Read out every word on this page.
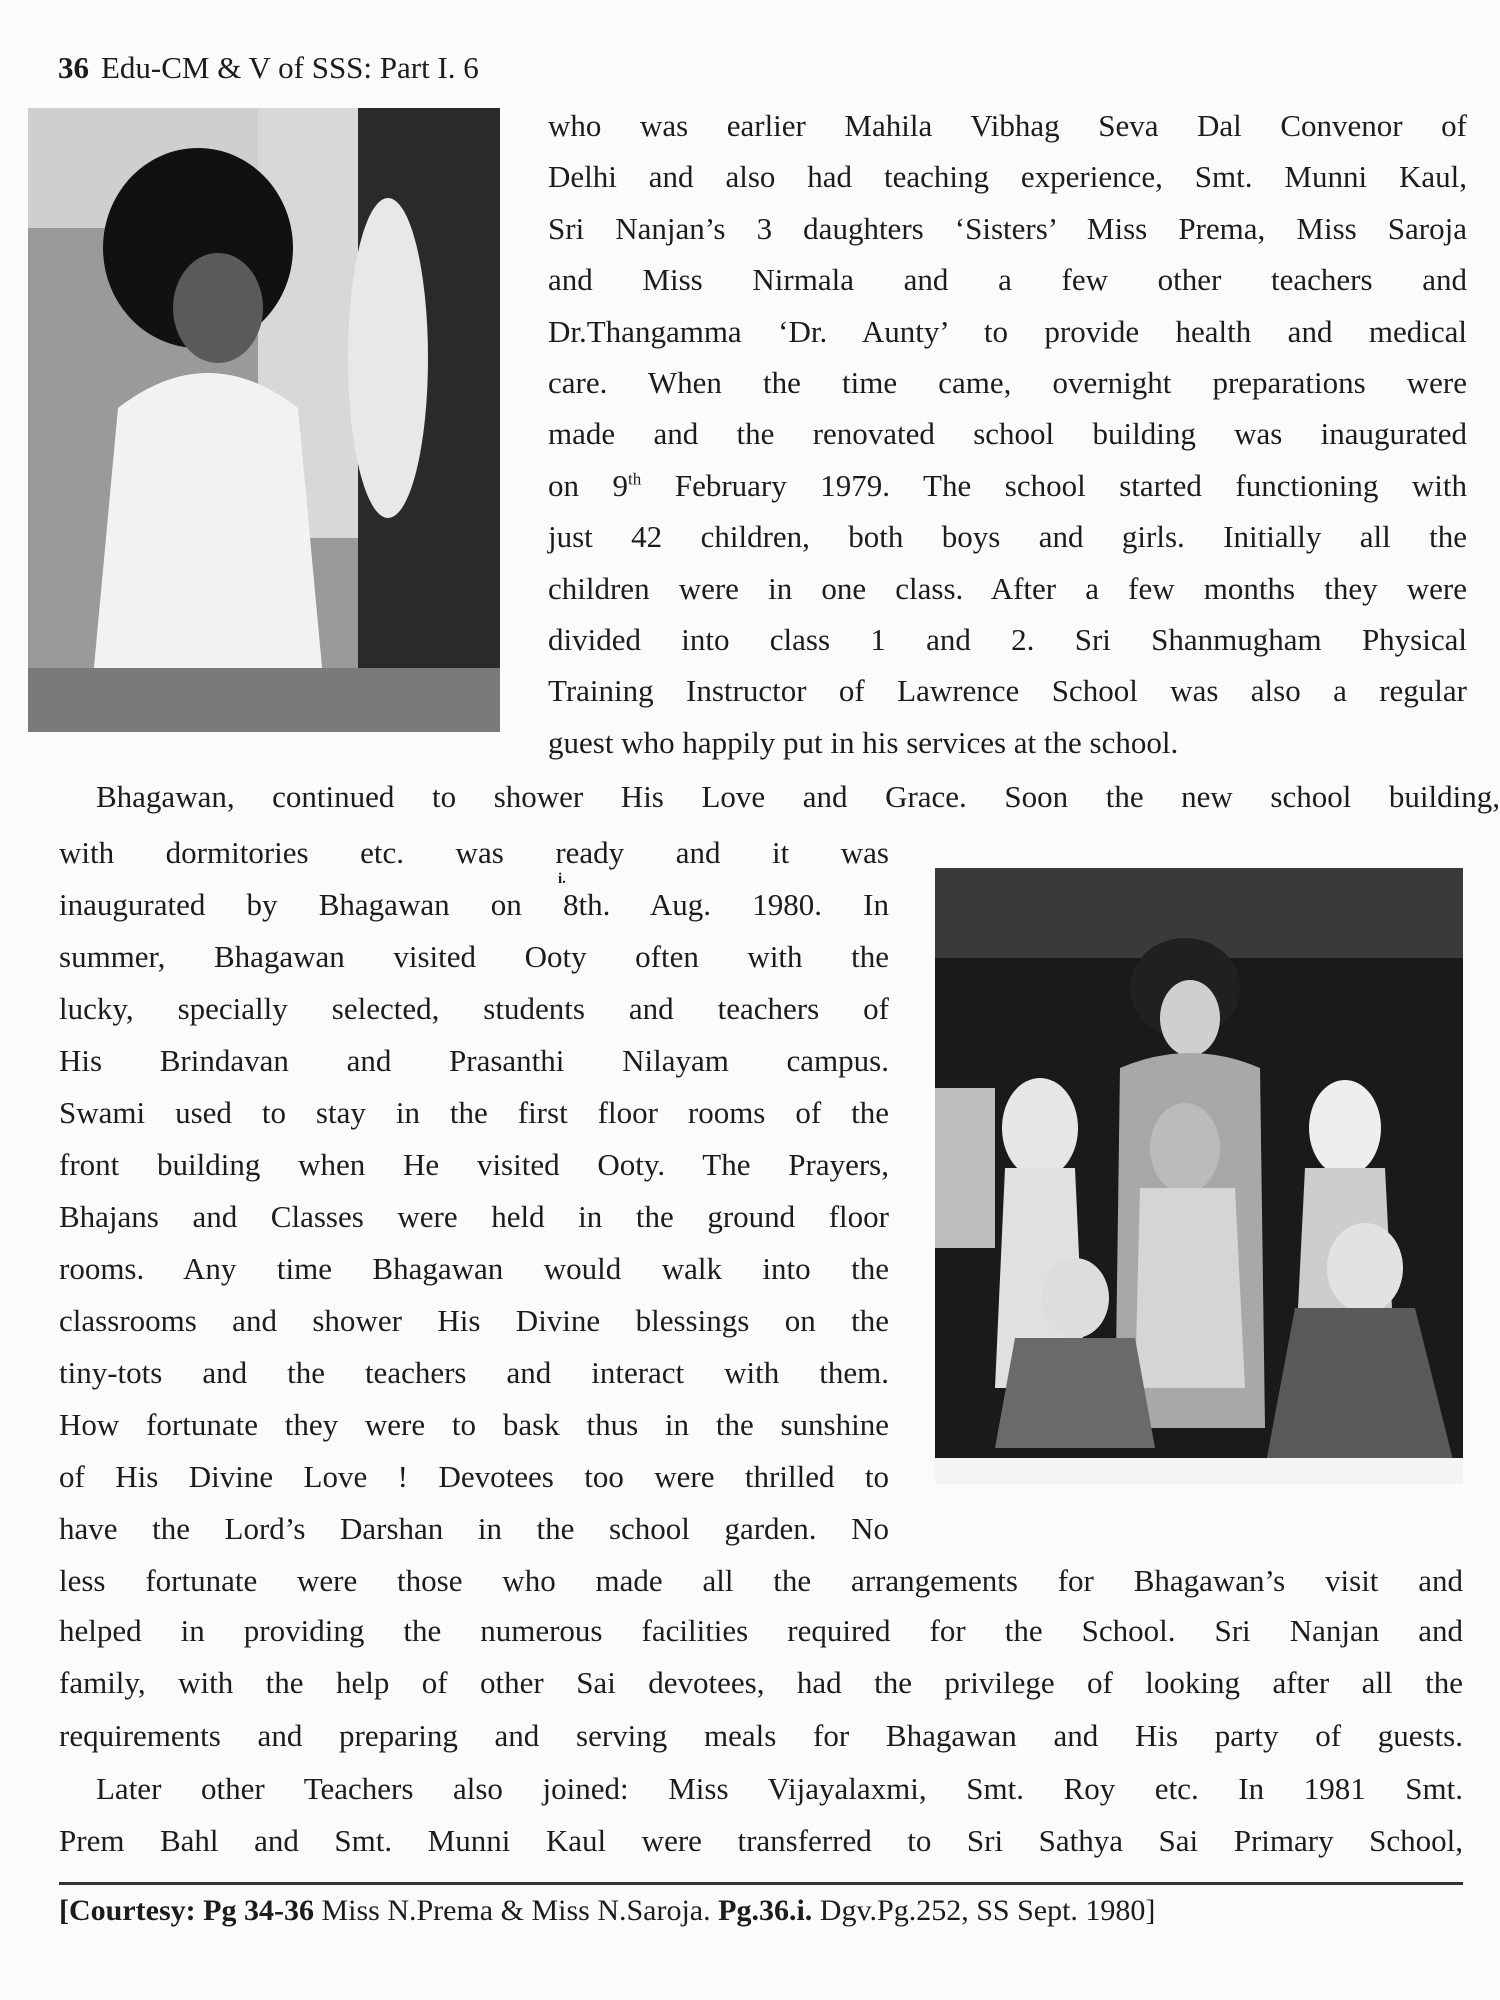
36 Edu-CM & V of SSS: Part I. 6
i.
who was earlier Mahila Vibhag Seva Dal Convenor of
Delhi and also had teaching experience, Smt. Munni Kaul,
Sri Nanjan’s 3 daughters ‘Sisters’ Miss Prema, Miss Saroja
and Miss Nirmala and a few other teachers and
Dr.Thangamma ‘Dr. Aunty’ to provide health and medical
care. When the time came, overnight preparations were
made and the renovated school building was inaugurated
on 9th February 1979. The school started functioning with
just 42 children, both boys and girls. Initially all the
children were in one class. After a few months they were
divided into class 1 and 2. Sri Shanmugham Physical
Training Instructor of Lawrence School was also a regular
guest who happily put in his services at the school.
Bhagawan, continued to shower His Love and Grace. Soon the new school building,
with dormitories etc. was ready and it was
inaugurated by Bhagawan on 8th. Aug. 1980. In
summer, Bhagawan visited Ooty often with the
lucky, specially selected, students and teachers of
His Brindavan and Prasanthi Nilayam campus.
Swami used to stay in the first floor rooms of the
front building when He visited Ooty. The Prayers,
Bhajans and Classes were held in the ground floor
rooms. Any time Bhagawan would walk into the
classrooms and shower His Divine blessings on the
tiny-tots and the teachers and interact with them.
How fortunate they were to bask thus in the sunshine
of His Divine Love ! Devotees too were thrilled to
have the Lord’s Darshan in the school garden. No
less fortunate were those who made all the arrangements for Bhagawan’s visit and
helped in providing the numerous facilities required for the School. Sri Nanjan and
family, with the help of other Sai devotees, had the privilege of looking after all the
requirements and preparing and serving meals for Bhagawan and His party of guests.
Later other Teachers also joined: Miss Vijayalaxmi, Smt. Roy etc. In 1981 Smt.
Prem Bahl and Smt. Munni Kaul were transferred to Sri Sathya Sai Primary School,
[Courtesy: Pg 34-36 Miss N.Prema & Miss N.Saroja. Pg.36.i. Dgv.Pg.252, SS Sept. 1980]
